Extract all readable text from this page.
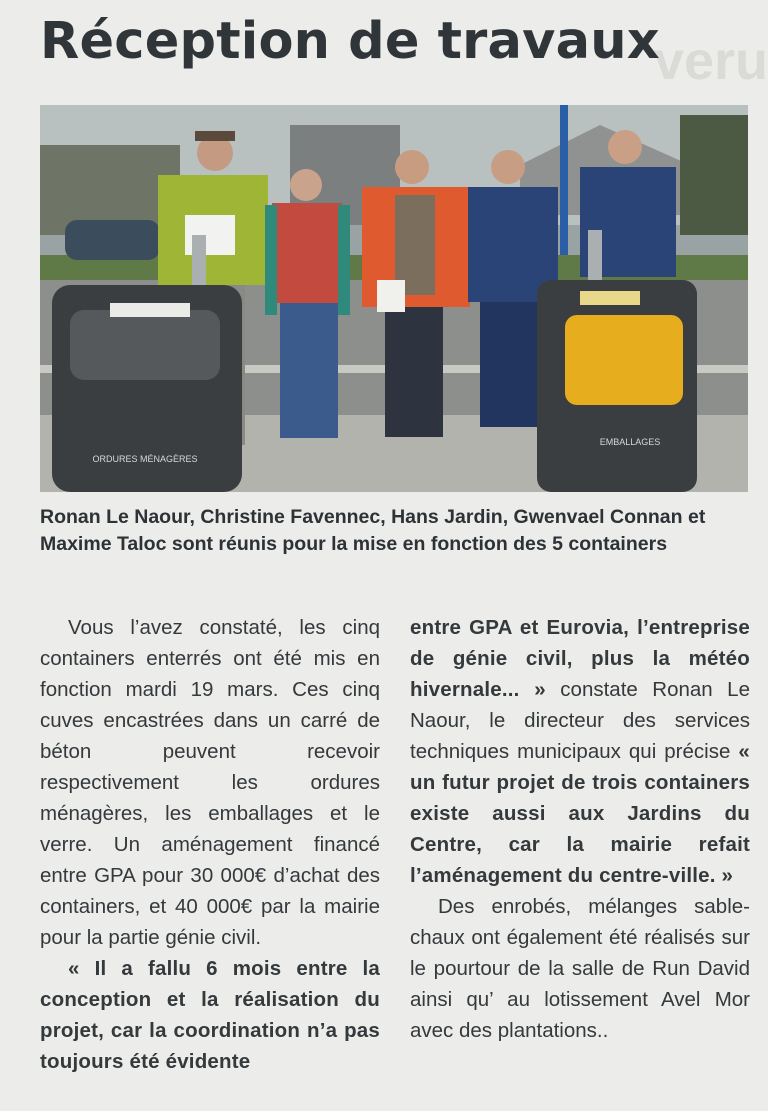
veru
Réception de travaux
ORDURES MÉNAGÈRES
EMBALLAGES
Ronan Le Naour, Christine Favennec, Hans Jardin, Gwenvael Connan et Maxime Taloc sont réunis pour la mise en fonction des 5 containers

Vous l’avez constaté, les cinq containers enterrés ont été mis en fonction mardi 19 mars. Ces cinq cuves encastrées dans un carré de béton peuvent recevoir respectivement les ordures ménagères, les emballages et le verre. Un aménagement financé entre GPA pour 30 000€ d’achat des containers, et 40 000€ par la mairie pour la partie génie civil.

« Il a fallu 6 mois entre la conception et la réalisation du projet, car la coordination n’a pas toujours été évidente

entre GPA et Eurovia, l’entreprise de génie civil, plus la météo hivernale... » constate Ronan Le Naour, le directeur des services techniques municipaux qui précise « un futur projet de trois containers existe aussi aux Jardins du Centre, car la mairie refait l’aménagement du centre-ville. »

Des enrobés, mélanges sable-chaux ont également été réalisés sur le pourtour de la salle de Run David ainsi qu’ au lotissement Avel Mor avec des plantations..
